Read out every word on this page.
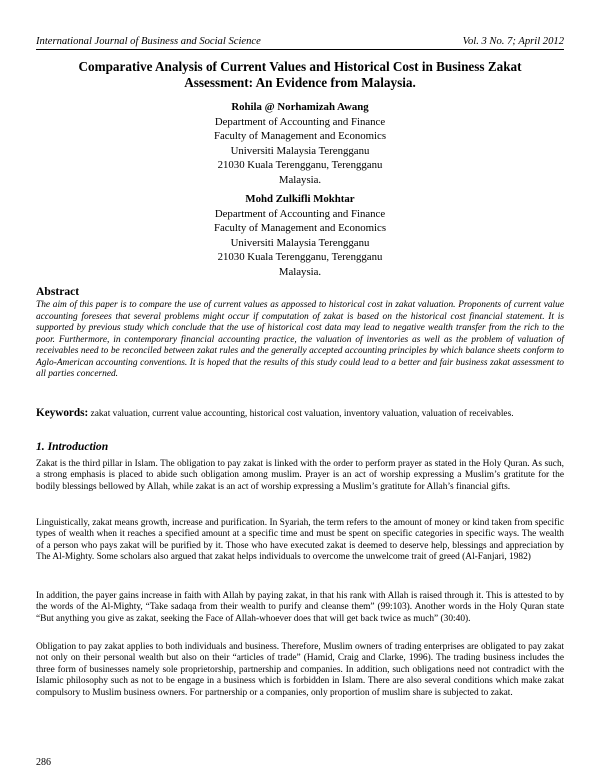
International Journal of Business and Social Science	Vol. 3 No. 7; April 2012
Comparative Analysis of Current Values and Historical Cost in Business Zakat Assessment: An Evidence from Malaysia.
Rohila @ Norhamizah Awang
Department of Accounting and Finance
Faculty of Management and Economics
Universiti Malaysia Terengganu
21030 Kuala Terengganu, Terengganu
Malaysia.
Mohd Zulkifli Mokhtar
Department of Accounting and Finance
Faculty of Management and Economics
Universiti Malaysia Terengganu
21030 Kuala Terengganu, Terengganu
Malaysia.
Abstract
The aim of this paper is to compare the use of current values as appossed to historical cost in zakat valuation. Proponents of current value accounting foresees that several problems might occur if computation of zakat is based on the historical cost financial statement. It is supported by previous study which conclude that the use of historical cost data may lead to negative wealth transfer from the rich to the poor. Furthermore, in contemporary financial accounting practice, the valuation of inventories as well as the problem of valuation of receivables need to be reconciled between zakat rules and the generally accepted accounting principles by which balance sheets conform to Aglo-American accounting conventions. It is hoped that the results of this study could lead to a better and fair business zakat assessment to all parties concerned.
Keywords: zakat valuation, current value accounting, historical cost valuation, inventory valuation, valuation of receivables.
1. Introduction
Zakat is the third pillar in Islam. The obligation to pay zakat is linked with the order to perform prayer as stated in the Holy Quran. As such, a strong emphasis is placed to abide such obligation among muslim. Prayer is an act of worship expressing a Muslim’s gratitute for the bodily blessings bellowed by Allah, while zakat is an act of worship expressing a Muslim’s gratitute for Allah’s financial gifts.
Linguistically, zakat means growth, increase and purification. In Syariah, the term refers to the amount of money or kind taken from specific types of wealth when it reaches a specified amount at a specific time and must be spent on specific categories in specific ways. The wealth of a person who pays zakat will be purified by it. Those who have executed zakat is deemed to deserve help, blessings and appreciation by The Al-Mighty. Some scholars also argued that zakat helps individuals to overcome the unwelcome trait of greed (Al-Fanjari, 1982)
In addition, the payer gains increase in faith with Allah by paying zakat, in that his rank with Allah is raised through it. This is attested to by the words of the Al-Mighty, “Take sadaqa from their wealth to purify and cleanse them” (99:103). Another words in the Holy Quran state “But anything you give as zakat, seeking the Face of Allah-whoever does that will get back twice as much” (30:40).
Obligation to pay zakat applies to both individuals and business. Therefore, Muslim owners of trading enterprises are obligated to pay zakat not only on their personal wealth but also on their “articles of trade” (Hamid, Craig and Clarke, 1996). The trading business includes the three form of businesses namely sole proprietorship, partnership and companies. In addition, such obligations need not contradict with the Islamic philosophy such as not to be engage in a business which is forbidden in Islam. There are also several conditions which make zakat compulsory to Muslim business owners. For partnership or a companies, only proportion of muslim share is subjected to zakat.
286
